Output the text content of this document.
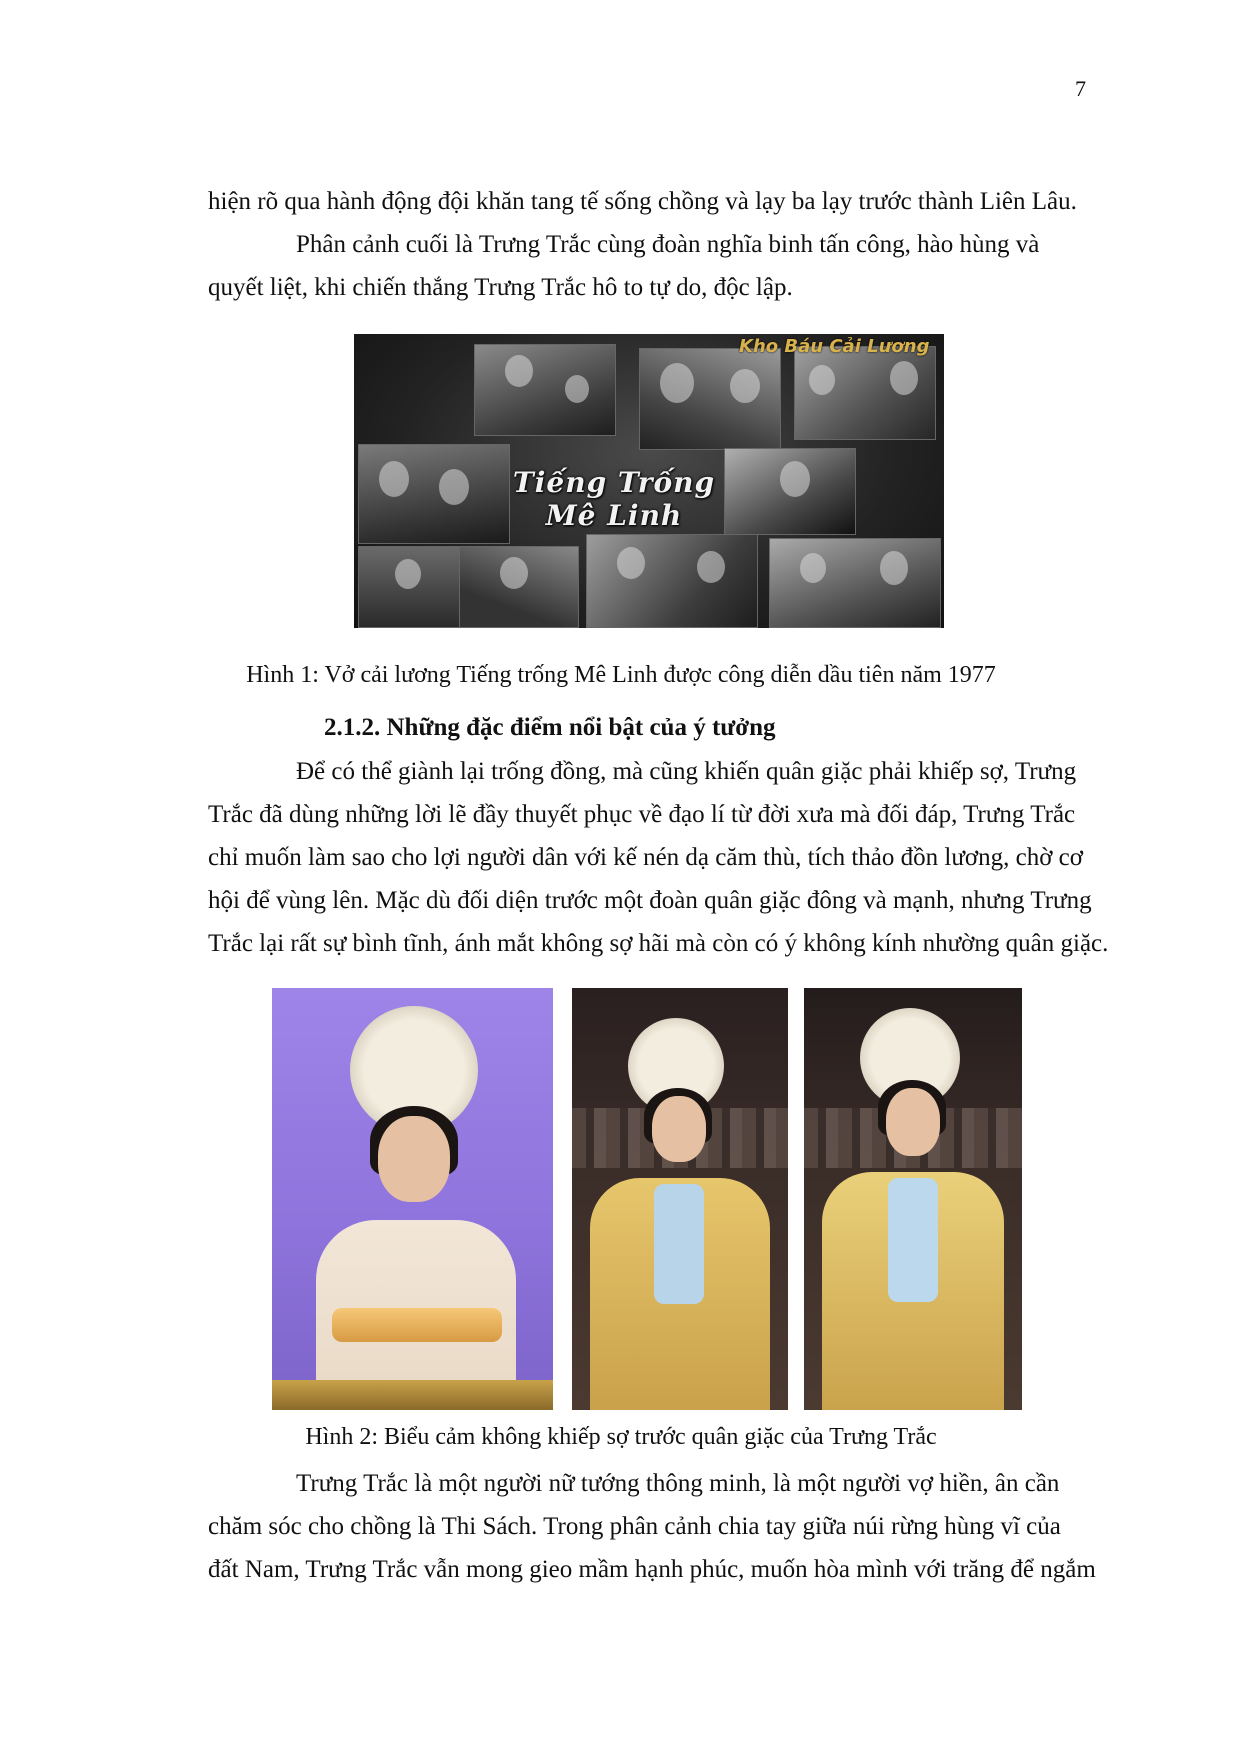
7

hiện rõ qua hành động đội khăn tang tế sống chồng và lạy ba lạy trước thành Liên Lâu.

Phân cảnh cuối là Trưng Trắc cùng đoàn nghĩa binh tấn công, hào hùng và
quyết liệt, khi chiến thắng Trưng Trắc hô to tự do, độc lập.

Tiếng Trống Mê Linh
Kho Báu Cải Lương
Hình 1: Vở cải lương Tiếng trống Mê Linh được công diễn dầu tiên năm 1977
2.1.2. Những đặc điểm nổi bật của ý tưởng

Để có thể giành lại trống đồng, mà cũng khiến quân giặc phải khiếp sợ, Trưng
Trắc đã dùng những lời lẽ đầy thuyết phục về đạo lí từ đời xưa mà đối đáp, Trưng Trắc
chỉ muốn làm sao cho lợi người dân với kế nén dạ căm thù, tích thảo đồn lương, chờ cơ
hội để vùng lên. Mặc dù đối diện trước một đoàn quân giặc đông và mạnh, nhưng Trưng
Trắc lại rất sự bình tĩnh, ánh mắt không sợ hãi mà còn có ý không kính nhường quân giặc.

Hình 2: Biểu cảm không khiếp sợ trước quân giặc của Trưng Trắc

Trưng Trắc là một người nữ tướng thông minh, là một người vợ hiền, ân cần
chăm sóc cho chồng là Thi Sách. Trong phân cảnh chia tay giữa núi rừng hùng vĩ của
đất Nam, Trưng Trắc vẫn mong gieo mầm hạnh phúc, muốn hòa mình với trăng để ngắm
